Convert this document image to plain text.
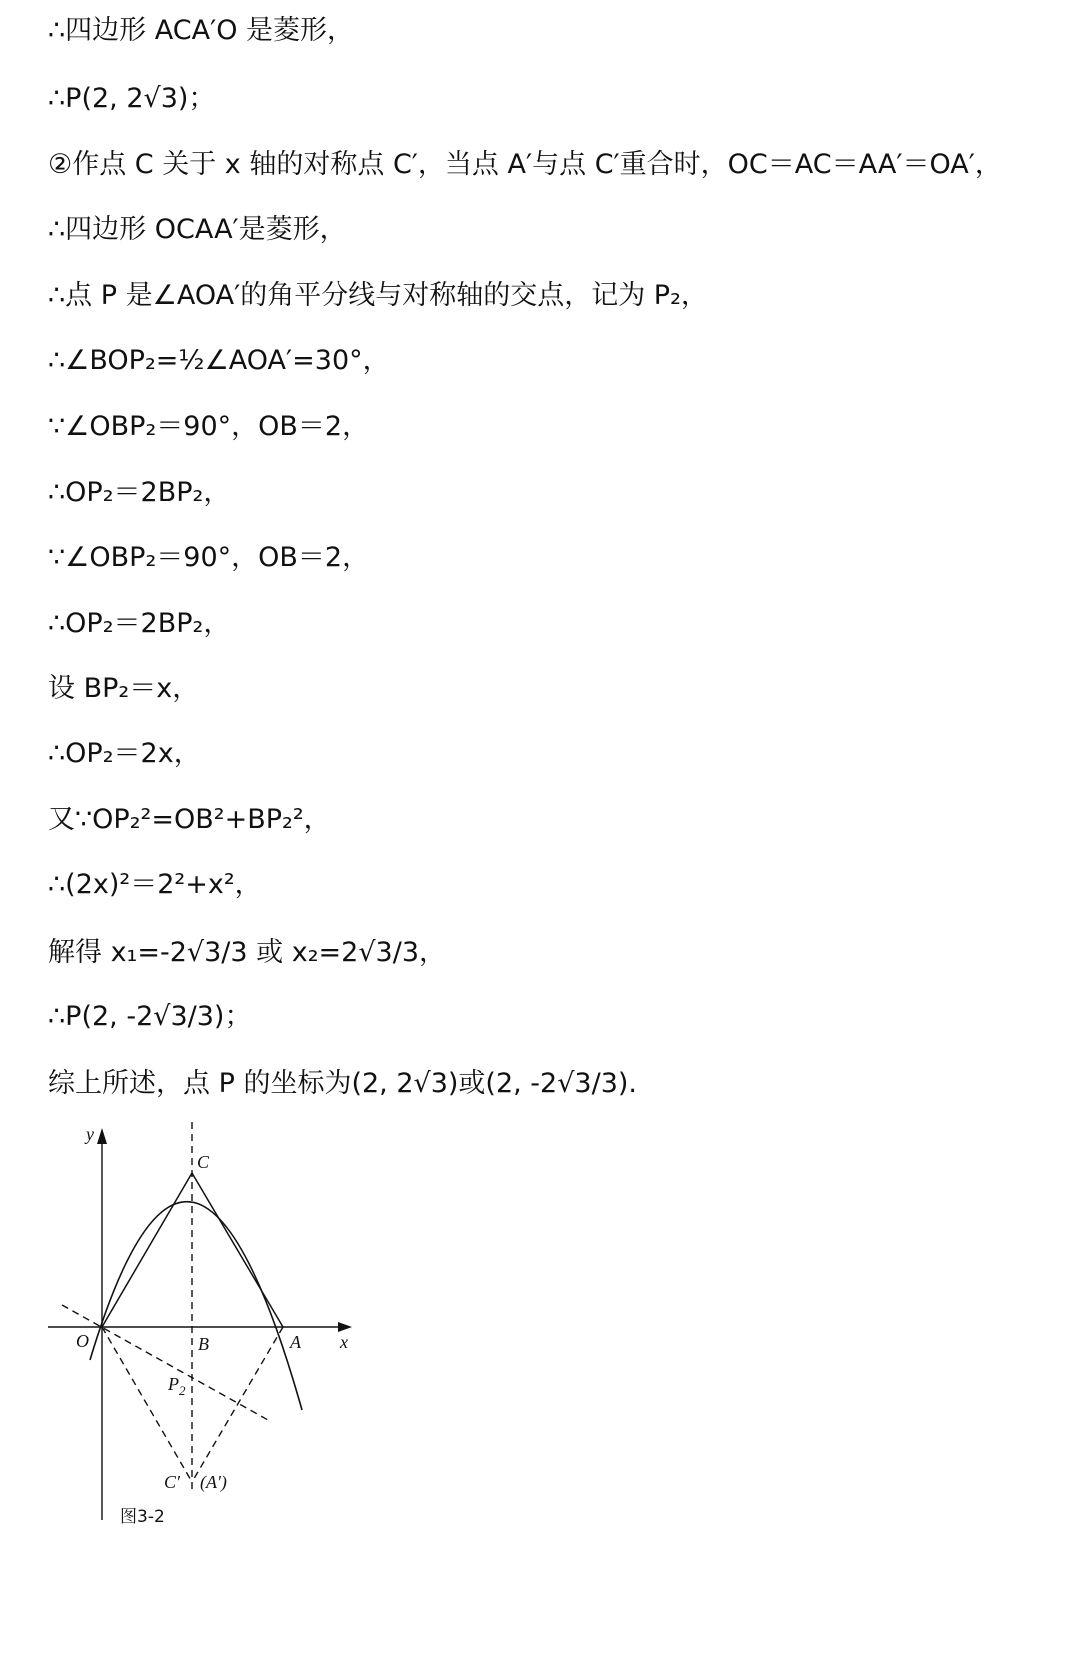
∴四边形 ACA′O 是菱形，
∴P(2, 2√3)；
②作点 C 关于 x 轴的对称点 C′，当点 A′与点 C′重合时，OC＝AC＝AA′＝OA′，
∴四边形 OCAA′是菱形，
∴点 P 是∠AOA′的角平分线与对称轴的交点，记为 P₂，
∴∠BOP₂=½∠AOA′=30°，
∵∠OBP₂＝90°，OB＝2，
∴OP₂＝2BP₂，
∵∠OBP₂＝90°，OB＝2，
∴OP₂＝2BP₂，
设 BP₂＝x，
∴OP₂＝2x，
又∵OP₂²=OB²+BP₂²，
∴(2x)²＝2²+x²，
解得 x₁=-2√3/3 或 x₂=2√3/3，
∴P(2, -2√3/3)；
综上所述，点 P 的坐标为(2, 2√3)或(2, -2√3/3).
y
x
O	A
B
C
$P_2$
C′ (A′)
图3-2
